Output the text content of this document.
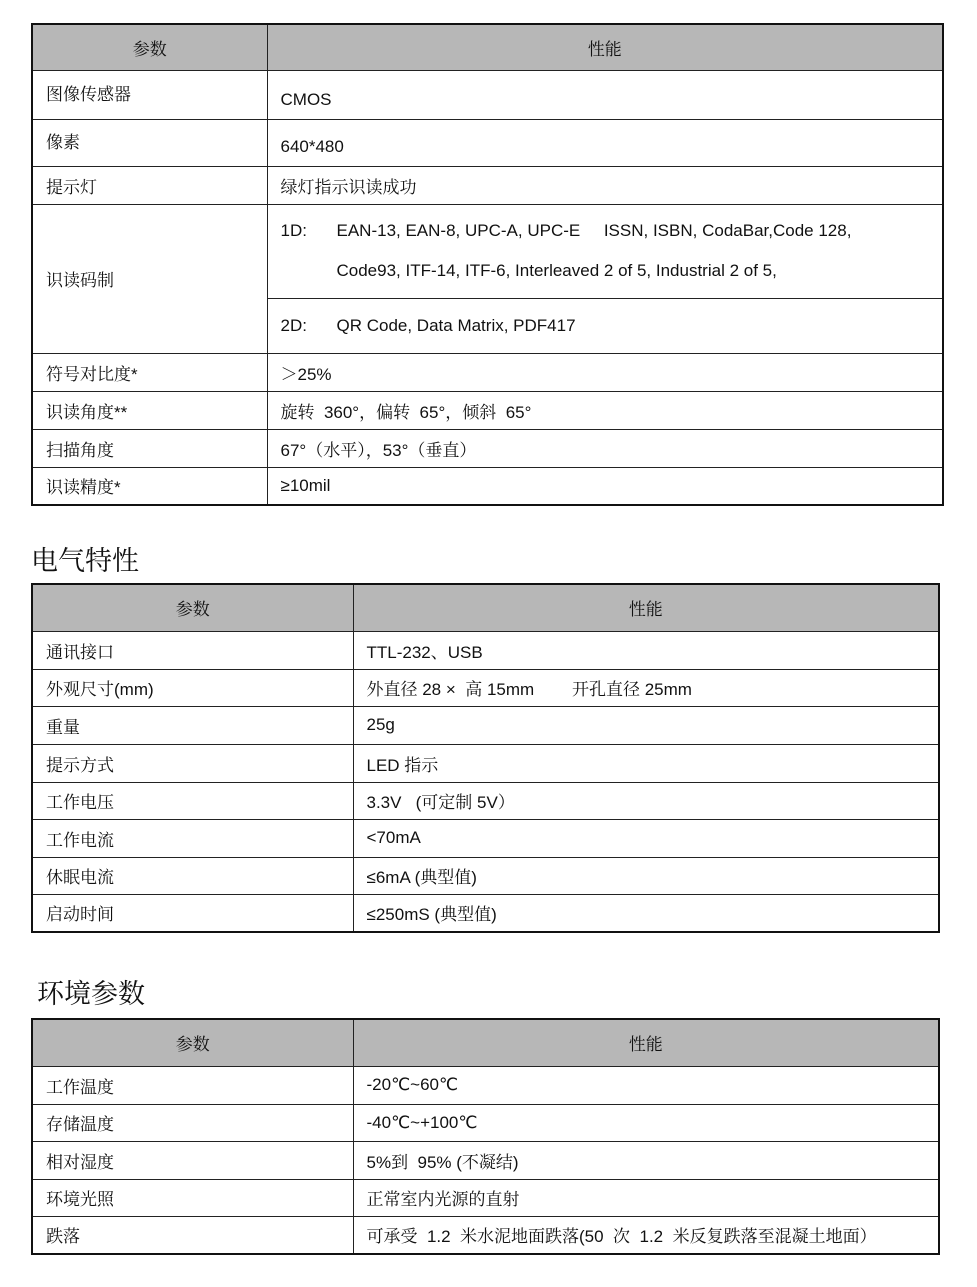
参数	性能
图像传感器	CMOS
像素	640*480
提示灯	绿灯指示识读成功
识读码制	1D: EAN-13, EAN-8, UPC-A, UPC-E     ISSN, ISBN, CodaBar,Code 128,
Code93, ITF-14, ITF-6, Interleaved 2 of 5, Industrial 2 of 5,

	2D: QR Code, Data Matrix, PDF417

符号对比度*	＞25%
识读角度**	旋转  360°，偏转  65°，倾斜  65°
扫描角度	67°（水平），53°（垂直）
识读精度*	≥10mil
电气特性
参数	性能
通讯接口	TTL-232、USB
外观尺寸(mm)	外直径 28 ×  高 15mm        开孔直径 25mm
重量	25g
提示方式	LED 指示
工作电压	3.3V   (可定制 5V）
工作电流	<70mA
休眠电流	≤6mA (典型值)
启动时间	≤250mS (典型值)
环境参数
参数	性能
工作温度	-20℃~60℃
存储温度	-40℃~+100℃
相对湿度	5%到  95% (不凝结)
环境光照	正常室内光源的直射
跌落	可承受  1.2  米水泥地面跌落(50  次  1.2  米反复跌落至混凝土地面）
